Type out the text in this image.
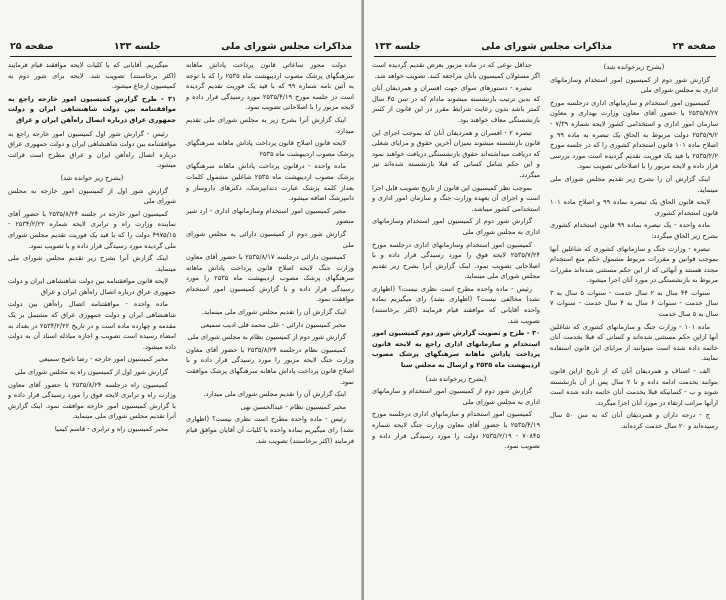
مذاکرات مجلس شورای ملی
جلسه ۱۳۳
صفحه ۲۵

دولت مجوز ساعاتی قانون پرداخت پاداش ماهانه سرهنگهای پزشک مصوب اردیبهشت ماه ۲۵۳۵ را که با توجه به آئین نامه شماره ۹۹ که با قید یک فوریت تقدیم گردیده است در جلسه مورخ ۲۵۳۵/۴/۱۹ مورد رسیدگی قرار داده و لایحه مزبور را با اصلاحاتی تصویب نمود.

اینک گزارش آنرا بشرح زیر به مجلس شورای ملی تقدیم میدارد.

لایحه قانون اصلاح قانون پرداخت پاداش ماهانه سرهنگهای پزشک مصوب اردیبهشت ماه ۲۵۳۵

ماده واحده - درقانون پرداخت پاداش ماهانه سرهنگهای پزشک مصوب اردیبهشت ماه ۲۵۳۵ شاغلین مشمول کلمات بعداز کلمه پزشک عبارت دندانپزشک، دکترهای داروساز و دامپزشک اضافه میشود.

مخبر کمیسیون امور استخدام وسازمانهای اداری - ارد شیر منصور

گزارش شور دوم از کمیسیون دارائی به مجلس شورای ملی

کمیسیون دارائی درجلسه ۲۵۳۵/۸/۱۷ با حضور آقای معاون وزارت جنگ لایحه اصلاح قانون پرداخت پاداش ماهانه سرهنگهای پزشک مصوب اردیبهشت ماه ۲۵۳۵ را مورد رسیدگی قرار داده و با گزارش کمیسیون امور استخدام موافقت نمود.

اینک گزارش آن را تقدیم مجلس شورای ملی مینماید.

مخبر کمیسیون دارائی - علی محمد قلی ادیب سمیعی

گزارش شور دوم از کمیسیون نظام به مجلس شورای ملی

کمیسیون نظام درجلسه ۲۵۳۵/۸/۲۴ با حضور آقای معاون وزارت جنگ لایحه مزبور را مورد رسیدگی قرار داده و با اصلاح قانون پرداخت پاداش ماهانه سرهنگهای پزشک موافقت نمود.

اینک گزارش آن را تقدیم مجلس شورای ملی میدارد.

مخبر کمیسیون نظام - عبدالحسین نهی

رئیس - ماده واحده مطرح است نظری نیست؟ (اظهاری نشد) رای میگیریم بماده واحده با کلیات آن آقایان موافق قیام فرمایند (اکثر برخاستند) تصویب شد.

میگیریم. آقایانی که با کلیات لایحه موافقند قیام فرمایند (اکثر برخاستند) تصویب شد. لایحه برای شور دوم به کمیسیون ارجاع میشود.

۳۱ - طرح گزارش کمیسیون امور خارجه راجع به موافقتنامه بین دولت شاهنشاهی ایران و دولت جمهوری عراق درباره اتصال راه‌آهن ایران و عراق

رئیس - گزارش شور اول کمیسیون امور خارجه راجع به موافقتنامه بین دولت شاهنشاهی ایران و دولت جمهوری عراق درباره اتصال راه‌آهن ایران و عراق مطرح است قرائت میشود.

(بشرح زیر خوانده شد)

گزارش شور اول از کمیسیون امور خارجه به مجلس شورای ملی

کمیسیون امور خارجه در جلسه ۲۵۳۵/۸/۲۴ با حضور آقای نماینده وزارت راه و ترابری لایحه شماره ۲۵۳۴/۲/۲۲ - ۴۹۷۵/۱۵ دولت را که با قید یک فوریت تقدیم مجلس شورای ملی گردیده مورد رسیدگی قرار داده و با تصویب نمود.

اینک گزارش آنرا بشرح زیر تقدیم مجلس شورای ملی مینماید.

لایحه قانون موافقتنامه بین دولت شاهنشاهی ایران و دولت جمهوری عراق درباره اتصال راه‌آهن ایران و عراق

ماده واحده - موافقتنامه اتصال راه‌آهن بین دولت شاهنشاهی ایران و دولت جمهوری عراق که مشتمل بر یک مقدمه و چهارده ماده است و در تاریخ ۲۵۳۴/۲/۲۲ در بغداد به امضاء رسیده است تصویب و اجازه مبادله اسناد آن به دولت داده میشود.

مخبر کمیسیون امور خارجه - رضا ناصح سمیعی

گزارش شور اول از کمیسیون راه به مجلس شورای ملی

کمیسیون راه درجلسه ۲۵۳۵/۸/۲۴ با حضور آقای معاون وزارت راه و ترابری لایحه فوق را مورد رسیدگی قرار داده و با گزارش کمیسیون امور خارجه موافقت نمود. اینک گزارش آنرا تقدیم مجلس شورای ملی مینماید.

مخبر کمیسیون راه و ترابری - قاسم کیمیا

صفحه ۲۴
مذاکرات مجلس شورای ملی
جلسه ۱۳۳

(بشرح زیرخوانده شد)

گزارش شور دوم از کمیسیون امور استخدام وسازمانهای اداری به مجلس شورای ملی

کمیسیون امور استخدام و سازمانهای اداری درجلسه مورخ ۲۵۳۵/۷/۲۷ با حضور آقای معاون وزارت بهداری و معاون سازمان امور اداری و استخدامی کشور لایحه شماره ۷/۳۹ - ۲۵۳۵/۹/۲ دولت مربوط به الحاق یک تبصره به ماده ۹۹ و اصلاح ماده ۱۰۱ قانون استخدام کشوری را که در جلسه مورخ ۲۵۳۵/۲/۲ با قید یک فوریت تقدیم گردیده است مورد بررسی قرار داده و لایحه مزبور را با اصلاحاتی تصویب نمود.

اینک گزارش آن را بشرح زیر تقدیم مجلس شورای ملی مینماید.

لایحه قانون الحاق یک تبصره بماده ۹۹ و اصلاح ماده ۱۰۱ قانون استخدام کشوری

ماده واحده - یک تبصره بماده ۹۹ قانون استخدام کشوری بشرح زیر الحاق میگردد:

تبصره - وزارت جنگ و سازمانهای کشوری که شاغلین آنها بموجب قوانین و مقررات مربوط مشمول حکم منع استخدام مجدد هستند و آنهائی که از این حکم مستثنی شده‌اند مقررات مربوط به بازنشستگی در مورد آنان اجرا میشود.

سنوات ۴۴ سال به ۲ سال خدمت - سنوات ۵ سال به ۳ سال خدمت - سنوات ۶ سال به ۴ سال خدمت - سنوات ۷ سال به ۵ سال خدمت

ماده ۱۰۱ - وزارت جنگ و سازمانهای کشوری که شاغلین آنها ازاین حکم مستثنی شده‌اند و کسانی که قبلا بخدمت آنان خاتمه داده شده است میتوانند از مزایای این قانون استفاده نمایند.

الف - اصناف و همردیفان آنان که از تاریخ ازاین قانون بتوانند بخدمت ادامه داده و تا ۲ سال پس از آن بازنشسته شوند و ب - کسانیکه قبلا بخدمت آنان خاتمه داده شده است ازآنها مراتب ارتقاء در مورد آنان اجرا میگردد.

ج - درجه داران و همردیفان آنان که به سن ۵۰ سال رسیده‌اند و ۲۰ سال خدمت کرده‌اند.

حداقل نوعی که در ماده مزبور بعرض تقدیم گردیده است اگر مسئولان کمیسیون بآنان مراجعه کنند. تصویب خواهد شد.

تبصره - دستورهای سوای جهت افسران و همردیفان آنان که بدین ترتیب بازنشسته میشوند مادام که در سن ۴۵ سال کمتر باشد بدون رعایت شرایط مقرر در این قانون از کسر بازنشستگی معاف خواهند بود.

تبصره ۲ - افسران و همردیفان آنان که بموجب اجرای این قانون بازنشسته میشوند بمیزان آخرین حقوق و مزایای شغلی که دریافت میداشته‌اند حقوق بازنشستگی دریافت خواهند نمود و این حکم شامل کسانی که قبلا بازنشسته شده‌اند نیز میگردد.

بموجب نظر کمیسیون این قانون از تاریخ تصویب قابل اجرا است و اجرای آن بعهده وزارت جنگ و سازمان امور اداری و استخدامی کشور میباشد.

گزارش شور دوم از کمیسیون امور استخدام وسازمانهای اداری به مجلس شورای ملی

کمیسیون امور استخدام وسازمانهای اداری درجلسه مورخ ۲۵۳۵/۷/۲۴ لایحه فوق را مورد رسیدگی قرار داده و با اصلاحاتی تصویب نمود. اینک گزارش آنرا بشرح زیر تقدیم مجلس شورای ملی مینماید.

رئیس - ماده واحده مطرح است نظری نیست؟ (اظهاری نشد) مخالفی نیست؟ (اظهاری نشد) رای میگیریم بماده واحده آقایانی که موافقند قیام فرمایند (اکثر برخاستند) تصویب شد.

۳۰ - طرح و تصویب گزارش شور دوم کمیسیون امور استخدام و سازمانهای اداری راجع به لایحه قانون پرداخت پاداش ماهانه سرهنگهای پزشک مصوب اردیبهشت ماه ۲۵۳۵ و ارسال به مجلس سنا

(بشرح زیرخوانده شد)

گزارش شور دوم از کمیسیون امور استخدام و سازمانهای اداری به مجلس شورای ملی

کمیسیون امور استخدام و سازمانهای اداری درجلسه مورخ ۲۵۳۵/۴/۱۹ با حضور آقای معاون وزارت جنگ لایحه شماره ۷۰۸۴۵ - ۲۵۳۵/۲/۱۹ دولت را مورد رسیدگی قرار داده و تصویب نمود.
